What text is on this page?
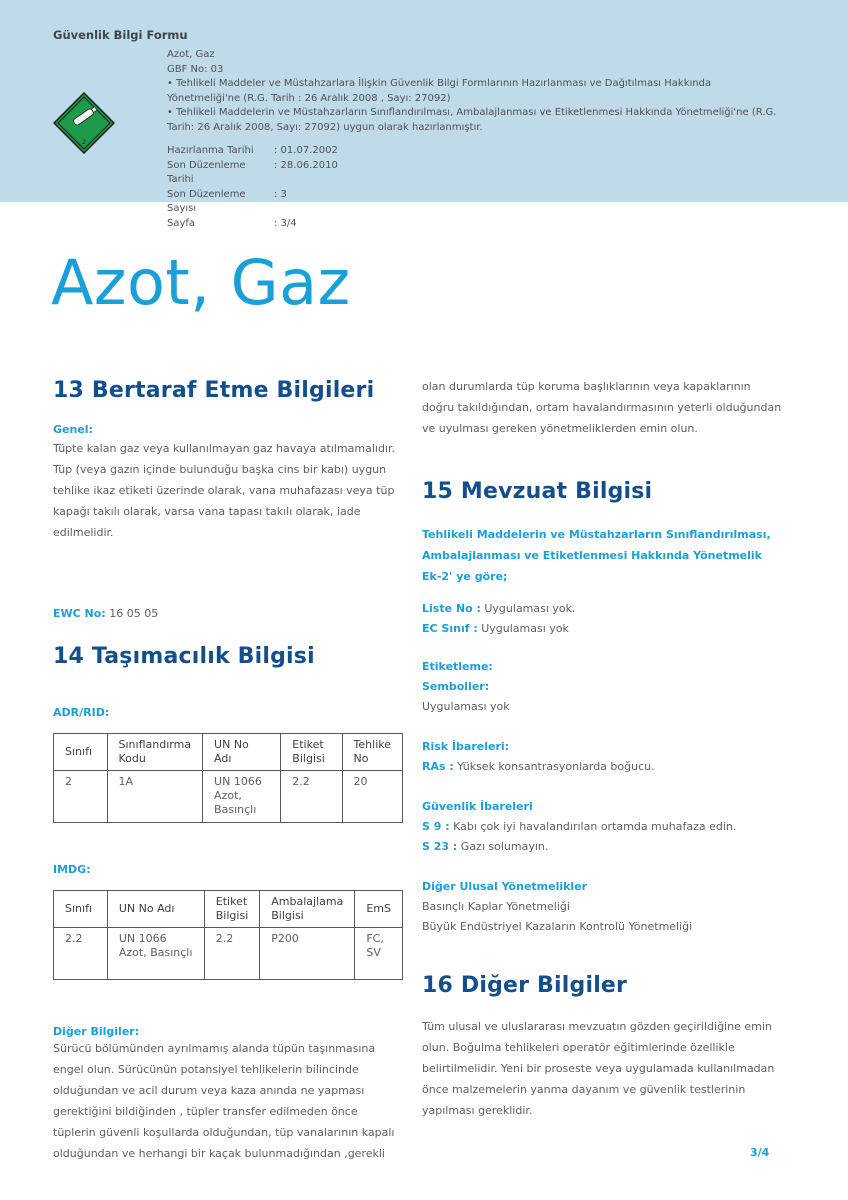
Güvenlik Bilgi Formu
2

Azot, Gaz

GBF No: 03

• Tehlikeli Maddeler ve Müstahzarlara İlişkin Güvenlik Bilgi Formlarının Hazırlanması ve Dağıtılması Hakkında Yönetmeliği'ne (R.G. Tarih : 26 Aralık 2008 , Sayı: 27092)

• Tehlikeli Maddelerin ve Müstahzarların Sınıflandırılması, Ambalajlanması ve Etiketlenmesi Hakkında Yönetmeliği'ne (R.G. Tarih: 26 Aralık 2008, Sayı: 27092) uygun olarak hazırlanmıştır.

Hazırlanma Tarihi	: 01.07.2002
Son Düzenleme Tarihi
: 28.06.2010
Son Düzenleme Sayısı
: 3
Sayfa	: 3/4
Azot, Gaz
13 Bertaraf Etme Bilgileri
Genel:
Tüpte kalan gaz veya kullanılmayan gaz havaya atılmamalıdır. Tüp (veya gazın içinde bulunduğu başka cins bir kabı) uygun tehlike ikaz etiketi üzerinde olarak, vana muhafazası veya tüp kapağı takılı olarak, varsa vana tapası takılı olarak, iade edilmelidir.
EWC No: 16 05 05
14 Taşımacılık Bilgisi
ADR/RID:
Sınıfı	Sınıflandırma Kodu	UN No Adı	Etiket Bilgisi	Tehlike No
2	1A	UN 1066 Azot, Basınçlı	2.2	20
IMDG:
Sınıfı	UN No Adı	Etiket Bilgisi	Ambalajlama Bilgisi	EmS
2.2	UN 1066 Azot, Basınçlı	2.2	P200	FC, SV
Diğer Bilgiler:
Sürücü bölümünden ayrılmamış alanda tüpün taşınmasına engel olun. Sürücünün potansiyel tehlikelerin bilincinde olduğundan ve acil durum veya kaza anında ne yapması gerektiğini bildiğinden , tüpler transfer edilmeden önce tüplerin güvenli koşullarda olduğundan, tüp vanalarının kapalı olduğundan ve herhangi bir kaçak bulunmadığından ,gerekli
olan durumlarda tüp koruma başlıklarının veya kapaklarının doğru takıldığından, ortam havalandırmasının yeterli olduğundan ve uyulması gereken yönetmeliklerden emin olun.
15 Mevzuat Bilgisi
Tehlikeli Maddelerin ve Müstahzarların Sınıflandırılması, Ambalajlanması ve Etiketlenmesi Hakkında Yönetmelik Ek-2' ye göre;
Liste No : Uygulaması yok.
EC Sınıf : Uygulaması yok
Etiketleme:
Semboller:
Uygulaması yok
Risk İbareleri:
RAs : Yüksek konsantrasyonlarda boğucu.
Güvenlik İbareleri
S 9 : Kabı çok iyi havalandırılan ortamda muhafaza edin.
S 23 : Gazı solumayın.
Diğer Ulusal Yönetmelikler
Basınçlı Kaplar Yönetmeliği
Büyük Endüstriyel Kazaların Kontrolü Yönetmeliği
16 Diğer Bilgiler
Tüm ulusal ve uluslararası mevzuatın gözden geçirildiğine emin olun. Boğulma tehlikeleri operatör eğitimlerinde özellikle belirtilmelidir. Yeni bir proseste veya uygulamada kullanılmadan önce malzemelerin yanma dayanım ve güvenlik testlerinin yapılması gereklidir.
3/4
